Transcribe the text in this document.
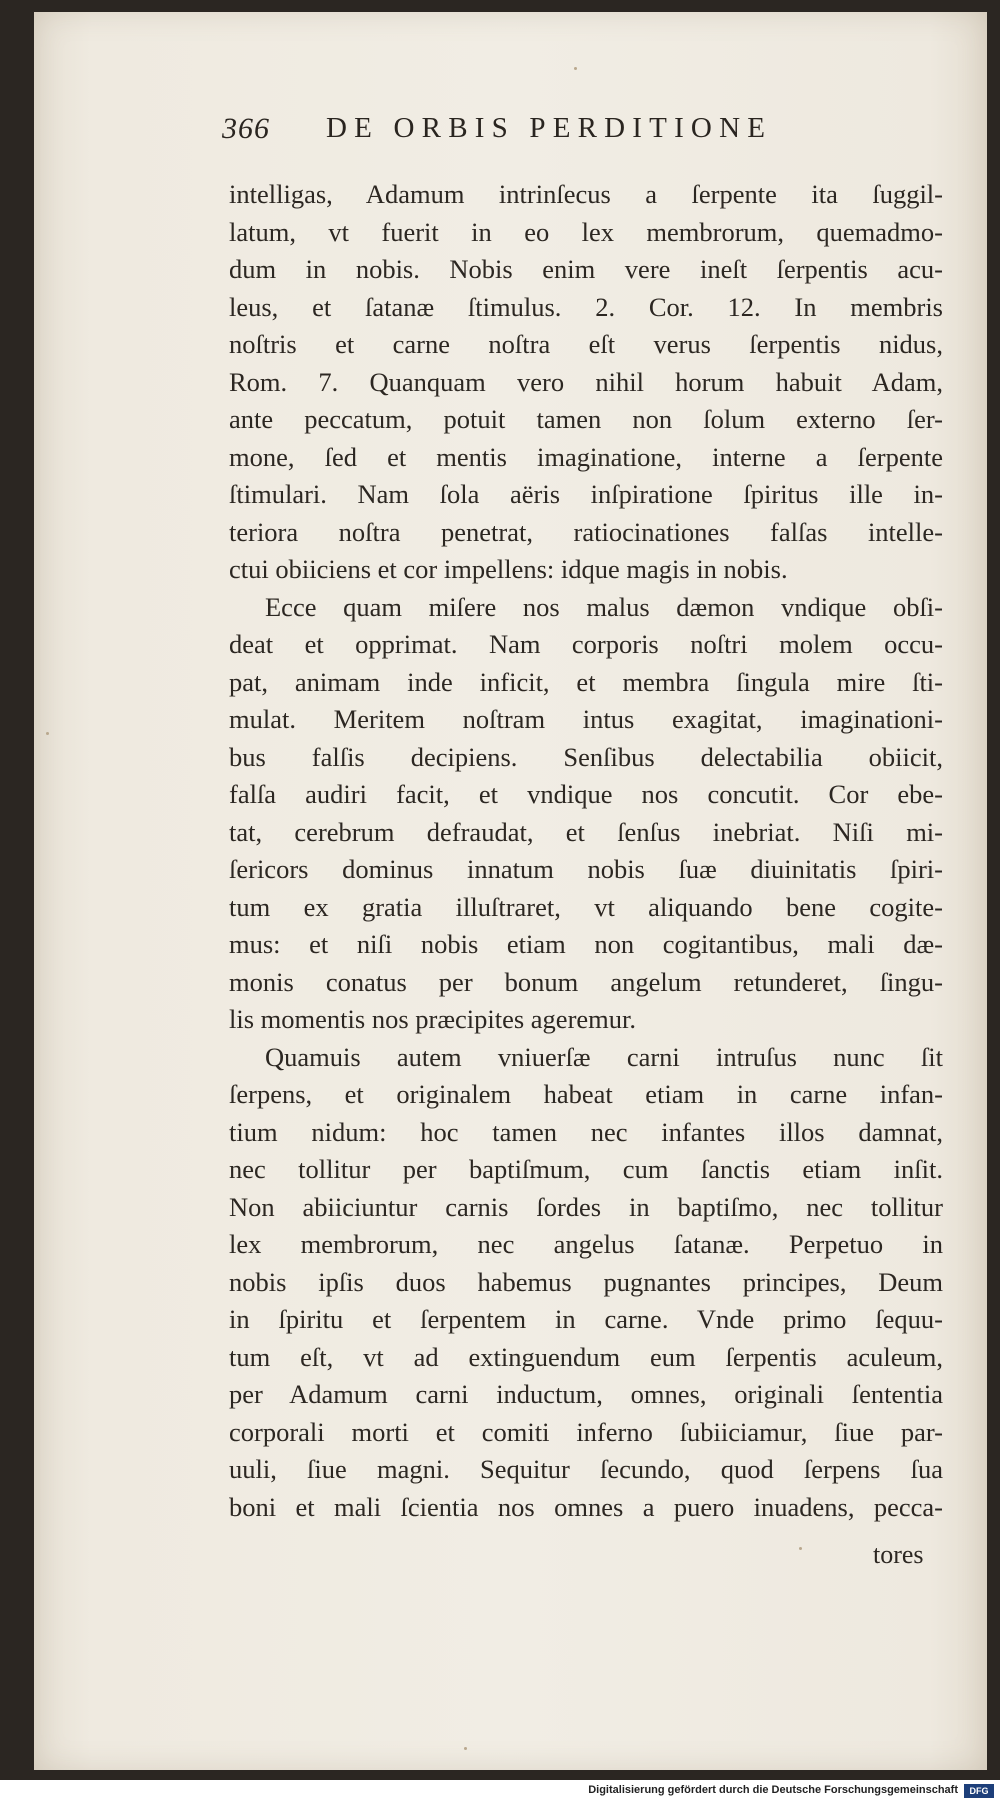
366 DE ORBIS PERDITIONE
intelligas, Adamum intrinſecus a ſerpente ita ſuggil-
latum, vt fuerit in eo lex membrorum, quemadmo-
dum in nobis. Nobis enim vere ineſt ſerpentis acu-
leus, et ſatanæ ſtimulus. 2. Cor. 12. In membris
noſtris et carne noſtra eſt verus ſerpentis nidus,
Rom. 7. Quanquam vero nihil horum habuit Adam,
ante peccatum, potuit tamen non ſolum externo ſer-
mone, ſed et mentis imaginatione, interne a ſerpente
ſtimulari. Nam ſola aëris inſpiratione ſpiritus ille in-
teriora noſtra penetrat, ratiocinationes falſas intelle-
ctui obiiciens et cor impellens: idque magis in nobis.
Ecce quam miſere nos malus dæmon vndique obſi-
deat et opprimat. Nam corporis noſtri molem occu-
pat, animam inde inficit, et membra ſingula mire ſti-
mulat. Meritem noſtram intus exagitat, imaginationi-
bus falſis decipiens. Senſibus delectabilia obiicit,
falſa audiri facit, et vndique nos concutit. Cor ebe-
tat, cerebrum defraudat, et ſenſus inebriat. Niſi mi-
ſericors dominus innatum nobis ſuæ diuinitatis ſpiri-
tum ex gratia illuſtraret, vt aliquando bene cogite-
mus: et niſi nobis etiam non cogitantibus, mali dæ-
monis conatus per bonum angelum retunderet, ſingu-
lis momentis nos præcipites ageremur.
Quamuis autem vniuerſæ carni intruſus nunc ſit
ſerpens, et originalem habeat etiam in carne infan-
tium nidum: hoc tamen nec infantes illos damnat,
nec tollitur per baptiſmum, cum ſanctis etiam inſit.
Non abiiciuntur carnis ſordes in baptiſmo, nec tollitur
lex membrorum, nec angelus ſatanæ. Perpetuo in
nobis ipſis duos habemus pugnantes principes, Deum
in ſpiritu et ſerpentem in carne. Vnde primo ſequu-
tum eſt, vt ad extinguendum eum ſerpentis aculeum,
per Adamum carni inductum, omnes, originali ſententia
corporali morti et comiti inferno ſubiiciamur, ſiue par-
uuli, ſiue magni. Sequitur ſecundo, quod ſerpens ſua
boni et mali ſcientia nos omnes a puero inuadens, pecca-
tores
Digitalisierung gefördert durch die Deutsche Forschungsgemeinschaft	DFG
